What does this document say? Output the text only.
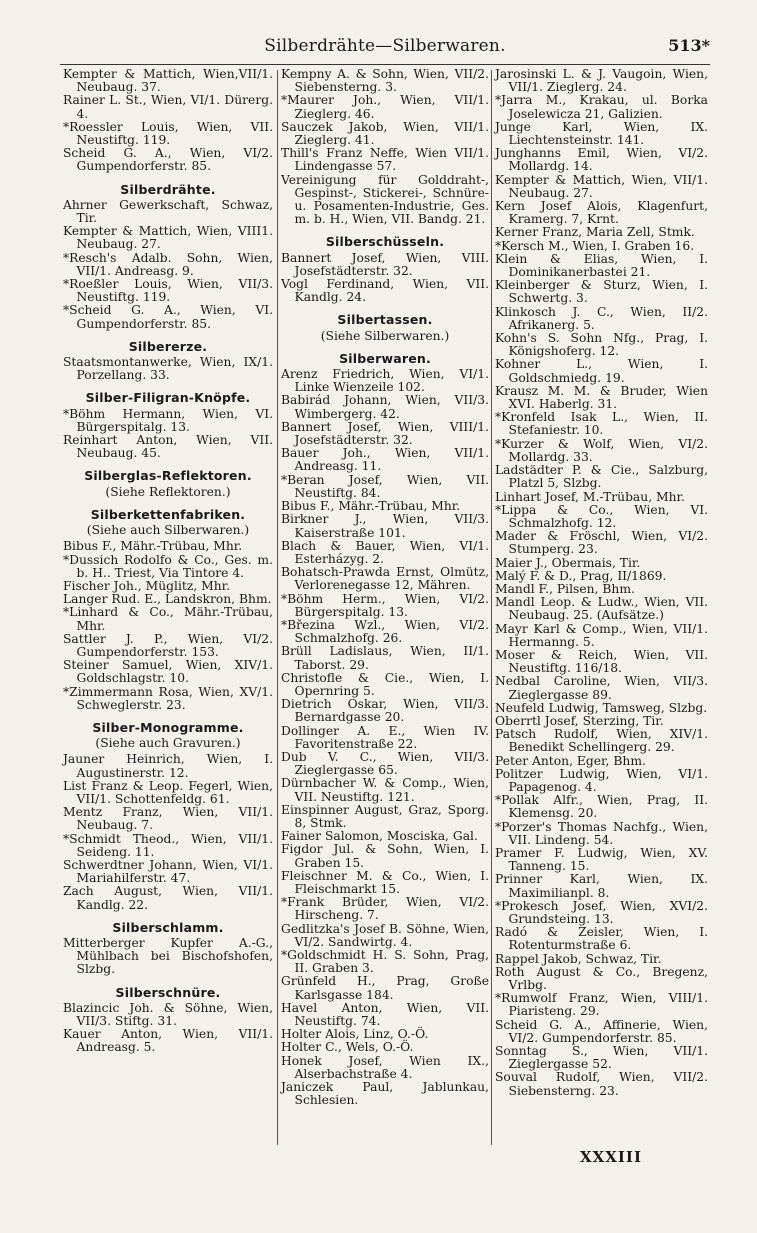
Silberdrähte—Silberwaren.	513*
Kempter & Mattich, Wien,VII/1. Neubaug. 37.
Rainer L. St., Wien, VI/1. Dürerg. 4.
*Roessler Louis, Wien, VII. Neustiftg. 119.
Scheid G. A., Wien, VI/2. Gumpendorferstr. 85.
Silberdrähte.
Ahrner Gewerkschaft, Schwaz, Tir.
Kempter & Mattich, Wien, VIII1. Neubaug. 27.
*Resch's Adalb. Sohn, Wien, VII/1. Andreasg. 9.
*Roeßler Louis, Wien, VII/3. Neustiftg. 119.
*Scheid G. A., Wien, VI. Gumpendorferstr. 85.
Silbererze.
Staatsmontanwerke, Wien, IX/1. Porzellang. 33.
Silber-Filigran-Knöpfe.
*Böhm Hermann, Wien, VI. Bürgerspitalg. 13.
Reinhart Anton, Wien, VII. Neubaug. 45.
Silberglas-Reflektoren.
(Siehe Reflektoren.)
Silberkettenfabriken.
(Siehe auch Silberwaren.)
Bibus F., Mähr.-Trübau, Mhr.
*Dussich Rodolfo & Co., Ges. m. b. H.. Triest, Via Tintore 4.
Fischer Joh., Müglitz, Mhr.
Langer Rud. E., Landskron, Bhm.
*Linhard & Co., Mähr.-Trübau, Mhr.
Sattler J. P., Wien, VI/2. Gumpendorferstr. 153.
Steiner Samuel, Wien, XIV/1. Goldschlagstr. 10.
*Zimmermann Rosa, Wien, XV/1. Schweglerstr. 23.
Silber-Monogramme.
(Siehe auch Gravuren.)
Jauner Heinrich, Wien, I. Augustinerstr. 12.
List Franz & Leop. Fegerl, Wien, VII/1. Schottenfeldg. 61.
Mentz Franz, Wien, VII/1. Neubaug. 7.
*Schmidt Theod., Wien, VII/1. Seideng. 11.
Schwerdtner Johann, Wien, VI/1. Mariahilferstr. 47.
Zach August, Wien, VII/1. Kandlg. 22.
Silberschlamm.
Mitterberger Kupfer A.-G., Mühlbach bei Bischofshofen, Slzbg.
Silberschnüre.
Blazincic Joh. & Söhne, Wien, VII/3. Stiftg. 31.
Kauer Anton, Wien, VII/1. Andreasg. 5.
Kempny A. & Sohn, Wien, VII/2. Siebensterng. 3.
*Maurer Joh., Wien, VII/1. Zieglerg. 46.
Sauczek Jakob, Wien, VII/1. Zieglerg. 41.
Thill's Franz Neffe, Wien VII/1. Lindengasse 57.
Vereinigung für Golddraht-, Gespinst-, Stickerei-, Schnüre- u. Posamenten-Industrie, Ges. m. b. H., Wien, VII. Bandg. 21.
Silberschüsseln.
Bannert Josef, Wien, VIII. Josefstädterstr. 32.
Vogl Ferdinand, Wien, VII. Kandlg. 24.
Silbertassen.
(Siehe Silberwaren.)
Silberwaren.
Arenz Friedrich, Wien, VI/1. Linke Wienzeile 102.
Babirád Johann, Wien, VII/3. Wimbergerg. 42.
Bannert Josef, Wien, VIII/1. Josefstädterstr. 32.
Bauer Joh., Wien, VII/1. Andreasg. 11.
*Beran Josef, Wien, VII. Neustiftg. 84.
Bibus F., Mähr.-Trübau, Mhr.
Birkner J., Wien, VII/3. Kaiserstraße 101.
Blach & Bauer, Wien, VI/1. Esterházyg. 2.
Bohatsch-Prawda Ernst, Olmütz, Verlorenegasse 12, Mähren.
*Böhm Herm., Wien, VI/2. Bürgerspitalg. 13.
*Březina Wzl., Wien, VI/2. Schmalzhofg. 26.
Brüll Ladislaus, Wien, II/1. Taborst. 29.
Christofle & Cie., Wien, I. Opernring 5.
Dietrich Oskar, Wien, VII/3. Bernardgasse 20.
Dollinger A. E., Wien IV. Favoritenstraße 22.
Dub V. C., Wien, VII/3. Zieglergasse 65.
Dürnbacher W. & Comp., Wien, VII. Neustiftg. 121.
Einspinner August, Graz, Sporg. 8, Stmk.
Fainer Salomon, Mosciska, Gal.
Figdor Jul. & Sohn, Wien, I. Graben 15.
Fleischner M. & Co., Wien, I. Fleischmarkt 15.
*Frank Brüder, Wien, VI/2. Hirscheng. 7.
Gedlitzka's Josef B. Söhne, Wien, VI/2. Sandwirtg. 4.
*Goldschmidt H. S. Sohn, Prag, II. Graben 3.
Grünfeld H., Prag, Große Karlsgasse 184.
Havel Anton, Wien, VII. Neustiftg. 74.
Holter Alois, Linz, O.-Ö.
Holter C., Wels, O.-Ö.
Honek Josef, Wien IX., Alserbachstraße 4.
Janiczek Paul, Jablunkau, Schlesien.
Jarosinski L. & J. Vaugoin, Wien, VII/1. Zieglerg. 24.
*Jarra M., Krakau, ul. Borka Joselewicza 21, Galizien.
Junge Karl, Wien, IX. Liechtensteinstr. 141.
Junghanns Emil, Wien, VI/2. Mollardg. 14.
Kempter & Mattich, Wien, VII/1. Neubaug. 27.
Kern Josef Alois, Klagenfurt, Kramerg. 7, Krnt.
Kerner Franz, Maria Zell, Stmk.
*Kersch M., Wien, I. Graben 16.
Klein & Elias, Wien, I. Dominikanerbastei 21.
Kleinberger & Sturz, Wien, I. Schwertg. 3.
Klinkosch J. C., Wien, II/2. Afrikanerg. 5.
Kohn's S. Sohn Nfg., Prag, I. Königshoferg. 12.
Kohner L., Wien, I. Goldschmiedg. 19.
Krausz M. M. & Bruder, Wien XVI. Haberlg. 31.
*Kronfeld Isak L., Wien, II. Stefaniestr. 10.
*Kurzer & Wolf, Wien, VI/2. Mollardg. 33.
Ladstädter P. & Cie., Salzburg, Platzl 5, Slzbg.
Linhart Josef, M.-Trübau, Mhr.
*Lippa & Co., Wien, VI. Schmalzhofg. 12.
Mader & Fröschl, Wien, VI/2. Stumperg. 23.
Maier J., Obermais, Tir.
Malý F. & D., Prag, II/1869.
Mandl F., Pilsen, Bhm.
Mandl Leop. & Ludw., Wien, VII. Neubaug. 25. (Aufsätze.)
Mayr Karl & Comp., Wien, VII/1. Hermanng. 5.
Moser & Reich, Wien, VII. Neustiftg. 116/18.
Nedbal Caroline, Wien, VII/3. Zieglergasse 89.
Neufeld Ludwig, Tamsweg, Slzbg.
Oberrtl Josef, Sterzing, Tir.
Patsch Rudolf, Wien, XIV/1. Benedikt Schellingerg. 29.
Peter Anton, Eger, Bhm.
Politzer Ludwig, Wien, VI/1. Papagenog. 4.
*Pollak Alfr., Wien, Prag, II. Klemensg. 20.
*Porzer's Thomas Nachfg., Wien, VII. Lindeng. 54.
Pramer F. Ludwig, Wien, XV. Tanneng. 15.
Prinner Karl, Wien, IX. Maximilianpl. 8.
*Prokesch Josef, Wien, XVI/2. Grundsteing. 13.
Radó & Zeisler, Wien, I. Rotenturmstraße 6.
Rappel Jakob, Schwaz, Tir.
Roth August & Co., Bregenz, Vrlbg.
*Rumwolf Franz, Wien, VIII/1. Piaristeng. 29.
Scheid G. A., Affinerie, Wien, VI/2. Gumpendorferstr. 85.
Sonntag S., Wien, VII/1. Zieglergasse 52.
Souval Rudolf, Wien, VII/2. Siebensterng. 23.
XXXIII
